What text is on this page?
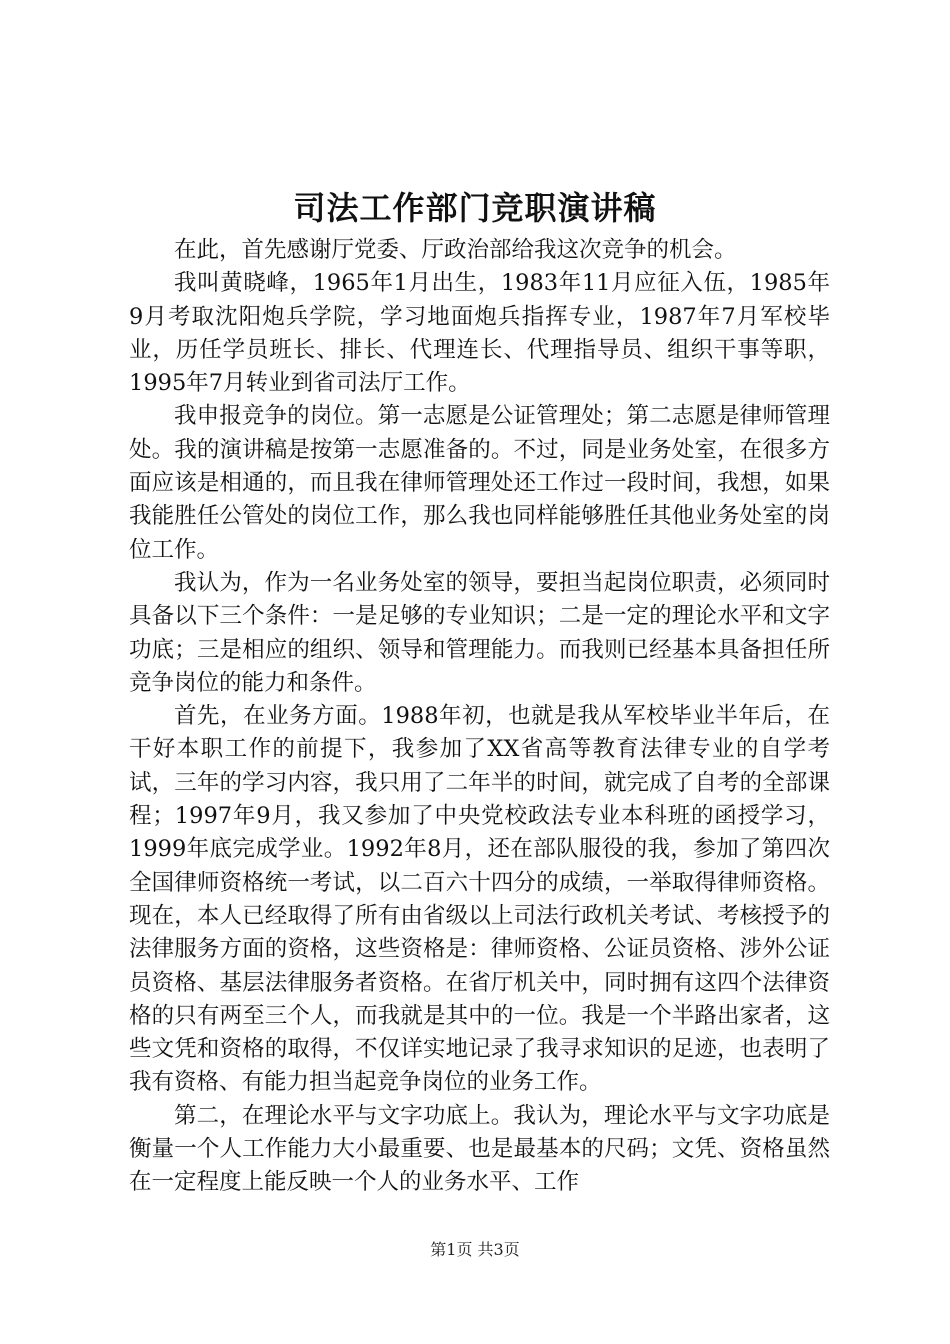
司法工作部门竞职演讲稿

在此，首先感谢厅党委、厅政治部给我这次竞争的机会。

我叫黄晓峰，1965年1月出生，1983年11月应征入伍，1985年9月考取沈阳炮兵学院，学习地面炮兵指挥专业，1987年7月军校毕业，历任学员班长、排长、代理连长、代理指导员、组织干事等职，1995年7月转业到省司法厅工作。

我申报竞争的岗位。第一志愿是公证管理处；第二志愿是律师管理处。我的演讲稿是按第一志愿准备的。不过，同是业务处室，在很多方面应该是相通的，而且我在律师管理处还工作过一段时间，我想，如果我能胜任公管处的岗位工作，那么我也同样能够胜任其他业务处室的岗位工作。

我认为，作为一名业务处室的领导，要担当起岗位职责，必须同时具备以下三个条件：一是足够的专业知识；二是一定的理论水平和文字功底；三是相应的组织、领导和管理能力。而我则已经基本具备担任所竞争岗位的能力和条件。

首先，在业务方面。1988年初，也就是我从军校毕业半年后，在干好本职工作的前提下，我参加了XX省高等教育法律专业的自学考试，三年的学习内容，我只用了二年半的时间，就完成了自考的全部课程；1997年9月，我又参加了中央党校政法专业本科班的函授学习，1999年底完成学业。1992年8月，还在部队服役的我，参加了第四次全国律师资格统一考试，以二百六十四分的成绩，一举取得律师资格。现在，本人已经取得了所有由省级以上司法行政机关考试、考核授予的法律服务方面的资格，这些资格是：律师资格、公证员资格、涉外公证员资格、基层法律服务者资格。在省厅机关中，同时拥有这四个法律资格的只有两至三个人，而我就是其中的一位。我是一个半路出家者，这些文凭和资格的取得，不仅详实地记录了我寻求知识的足迹，也表明了我有资格、有能力担当起竞争岗位的业务工作。

第二，在理论水平与文字功底上。我认为，理论水平与文字功底是衡量一个人工作能力大小最重要、也是最基本的尺码；文凭、资格虽然在一定程度上能反映一个人的业务水平、工作

第1页 共3页
